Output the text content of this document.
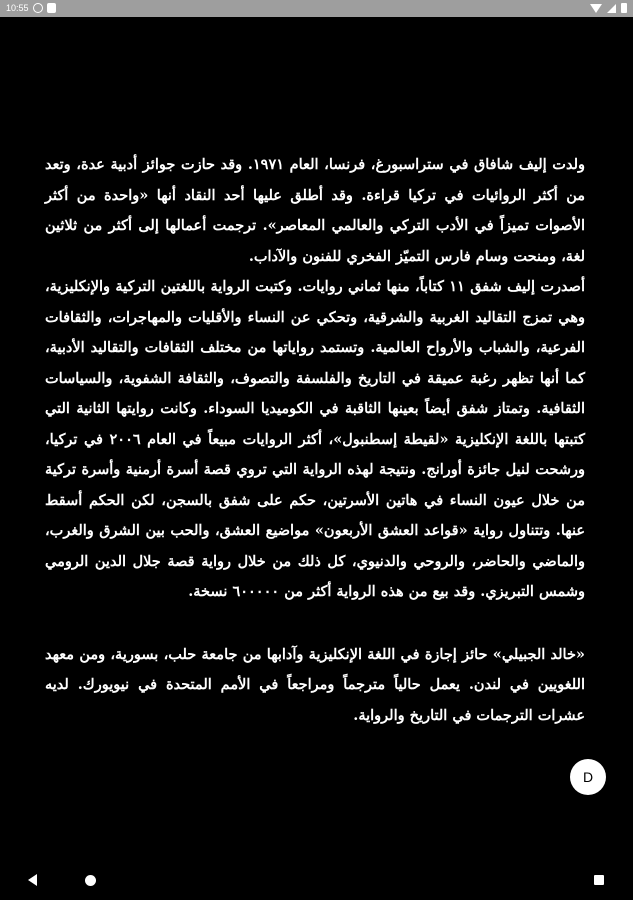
10:55

ولدت إليف شافاق في ستراسبورغ، فرنسا، العام ١٩٧١. وقد حازت جوائز أدبية عدة، وتعد من أكثر الروائيات في تركيا قراءة. وقد أطلق عليها أحد النقاد أنها «واحدة من أكثر الأصوات تميزاً في الأدب التركي والعالمي المعاصر». ترجمت أعمالها إلى أكثر من ثلاثين لغة، ومنحت وسام فارس التميّز الفخري للفنون والآداب.

أصدرت إليف شفق ١١ كتاباً، منها ثماني روايات. وكتبت الرواية باللغتين التركية والإنكليزية، وهي تمزج التقاليد الغربية والشرقية، وتحكي عن النساء والأقليات والمهاجرات، والثقافات الفرعية، والشباب والأرواح العالمية. وتستمد رواياتها من مختلف الثقافات والتقاليد الأدبية، كما أنها تظهر رغبة عميقة في التاريخ والفلسفة والتصوف، والثقافة الشفوية، والسياسات الثقافية. وتمتاز شفق أيضاً بعينها الثاقبة في الكوميديا السوداء. وكانت روايتها الثانية التي كتبتها باللغة الإنكليزية «لقيطة إسطنبول»، أكثر الروايات مبيعاً في العام ٢٠٠٦ في تركيا، ورشحت لنيل جائزة أورانج. ونتيجة لهذه الرواية التي تروي قصة أسرة أرمنية وأسرة تركية من خلال عيون النساء في هاتين الأسرتين، حكم على شفق بالسجن، لكن الحكم أسقط عنها. وتتناول رواية «قواعد العشق الأربعون» مواضيع العشق، والحب بين الشرق والغرب، والماضي والحاضر، والروحي والدنيوي، كل ذلك من خلال رواية قصة جلال الدين الرومي وشمس التبريزي. وقد بيع من هذه الرواية أكثر من ٦٠٠٠٠٠ نسخة.

«خالد الجبيلي» حائز إجازة في اللغة الإنكليزية وآدابها من جامعة حلب، بسورية، ومن معهد اللغويين في لندن. يعمل حالياً مترجماً ومراجعاً في الأمم المتحدة في نيويورك. لديه عشرات الترجمات في التاريخ والرواية.

D
